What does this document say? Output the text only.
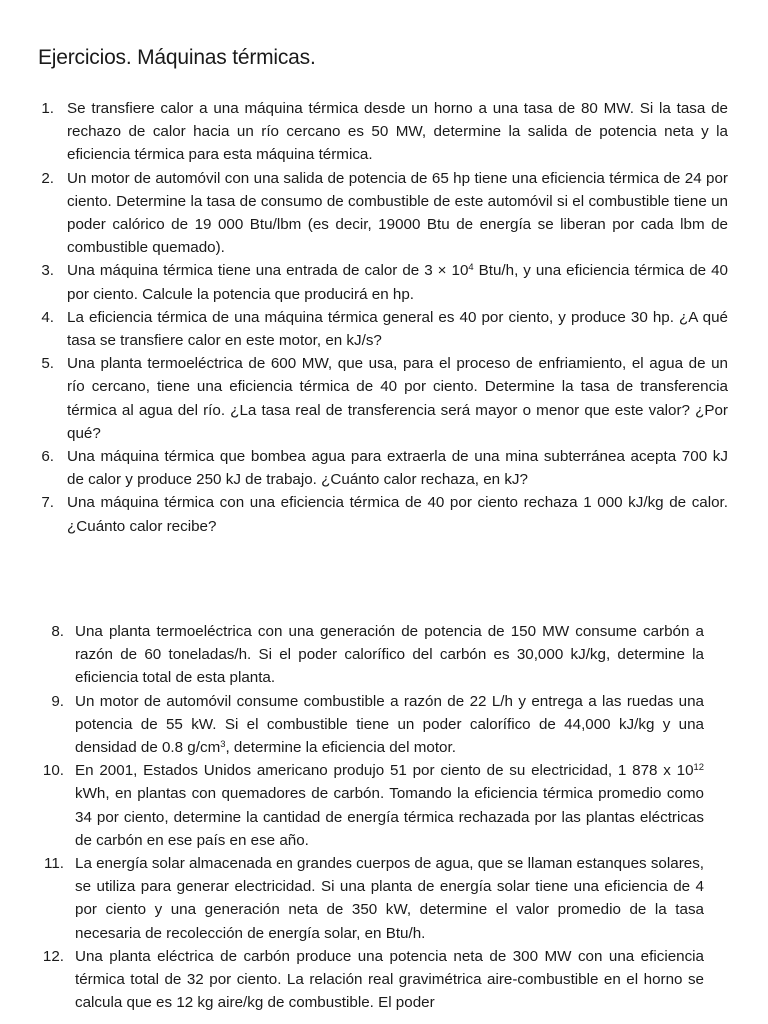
Ejercicios. Máquinas térmicas.
1. Se transfiere calor a una máquina térmica desde un horno a una tasa de 80 MW. Si la tasa de rechazo de calor hacia un río cercano es 50 MW, determine la salida de potencia neta y la eficiencia térmica para esta máquina térmica.
2. Un motor de automóvil con una salida de potencia de 65 hp tiene una eficiencia térmica de 24 por ciento. Determine la tasa de consumo de combustible de este automóvil si el combustible tiene un poder calórico de 19 000 Btu/lbm (es decir, 19000 Btu de energía se liberan por cada lbm de combustible quemado).
3. Una máquina térmica tiene una entrada de calor de $3 \times 10^4$ Btu/h, y una eficiencia térmica de 40 por ciento. Calcule la potencia que producirá en hp.
4. La eficiencia térmica de una máquina térmica general es 40 por ciento, y produce 30 hp. ¿A qué tasa se transfiere calor en este motor, en kJ/s?
5. Una planta termoeléctrica de 600 MW, que usa, para el proceso de enfriamiento, el agua de un río cercano, tiene una eficiencia térmica de 40 por ciento. Determine la tasa de transferencia térmica al agua del río. ¿La tasa real de transferencia será mayor o menor que este valor? ¿Por qué?
6. Una máquina térmica que bombea agua para extraerla de una mina subterránea acepta 700 kJ de calor y produce 250 kJ de trabajo. ¿Cuánto calor rechaza, en kJ?
7. Una máquina térmica con una eficiencia térmica de 40 por ciento rechaza 1 000 kJ/kg de calor. ¿Cuánto calor recibe?
8. Una planta termoeléctrica con una generación de potencia de 150 MW consume carbón a razón de 60 toneladas/h. Si el poder calorífico del carbón es 30,000 kJ/kg, determine la eficiencia total de esta planta.
9. Un motor de automóvil consume combustible a razón de 22 L/h y entrega a las ruedas una potencia de 55 kW. Si el combustible tiene un poder calorífico de 44,000 kJ/kg y una densidad de 0.8 $g/cm^3$, determine la eficiencia del motor.
10. En 2001, Estados Unidos americano produjo 51 por ciento de su electricidad, 1 878 x $10^{12}$ kWh, en plantas con quemadores de carbón. Tomando la eficiencia térmica promedio como 34 por ciento, determine la cantidad de energía térmica rechazada por las plantas eléctricas de carbón en ese país en ese año.
11. La energía solar almacenada en grandes cuerpos de agua, que se llaman estanques solares, se utiliza para generar electricidad. Si una planta de energía solar tiene una eficiencia de 4 por ciento y una generación neta de 350 kW, determine el valor promedio de la tasa necesaria de recolección de energía solar, en Btu/h.
12. Una planta eléctrica de carbón produce una potencia neta de 300 MW con una eficiencia térmica total de 32 por ciento. La relación real gravimétrica aire-combustible en el horno se calcula que es 12 kg aire/kg de combustible. El poder
